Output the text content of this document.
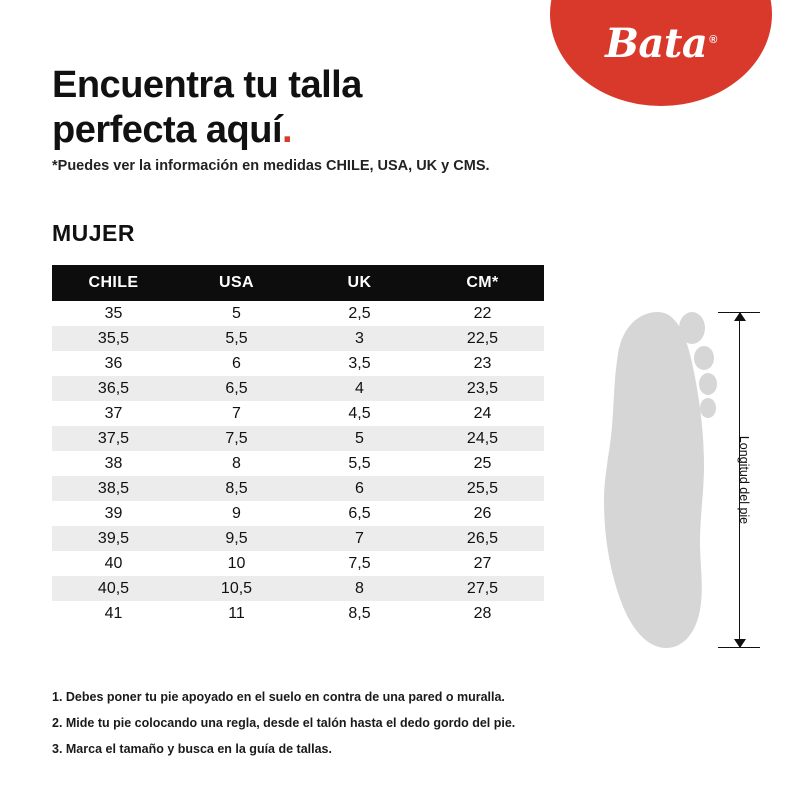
Bata ®
Encuentra tu talla
perfecta aquí.
*Puedes ver la información en medidas CHILE, USA, UK y CMS.
MUJER
CHILE	USA	UK	CM*
35	5	2,5	22
35,5	5,5	3	22,5
36	6	3,5	23
36,5	6,5	4	23,5
37	7	4,5	24
37,5	7,5	5	24,5
38	8	5,5	25
38,5	8,5	6	25,5
39	9	6,5	26
39,5	9,5	7	26,5
40	10	7,5	27
40,5	10,5	8	27,5
41	11	8,5	28
Longitud del pie
1. Debes poner tu pie apoyado en el suelo en contra de una pared o muralla.
2. Mide tu pie colocando una regla, desde el talón hasta el dedo gordo del pie.
3. Marca el tamaño y busca en la guía de tallas.
